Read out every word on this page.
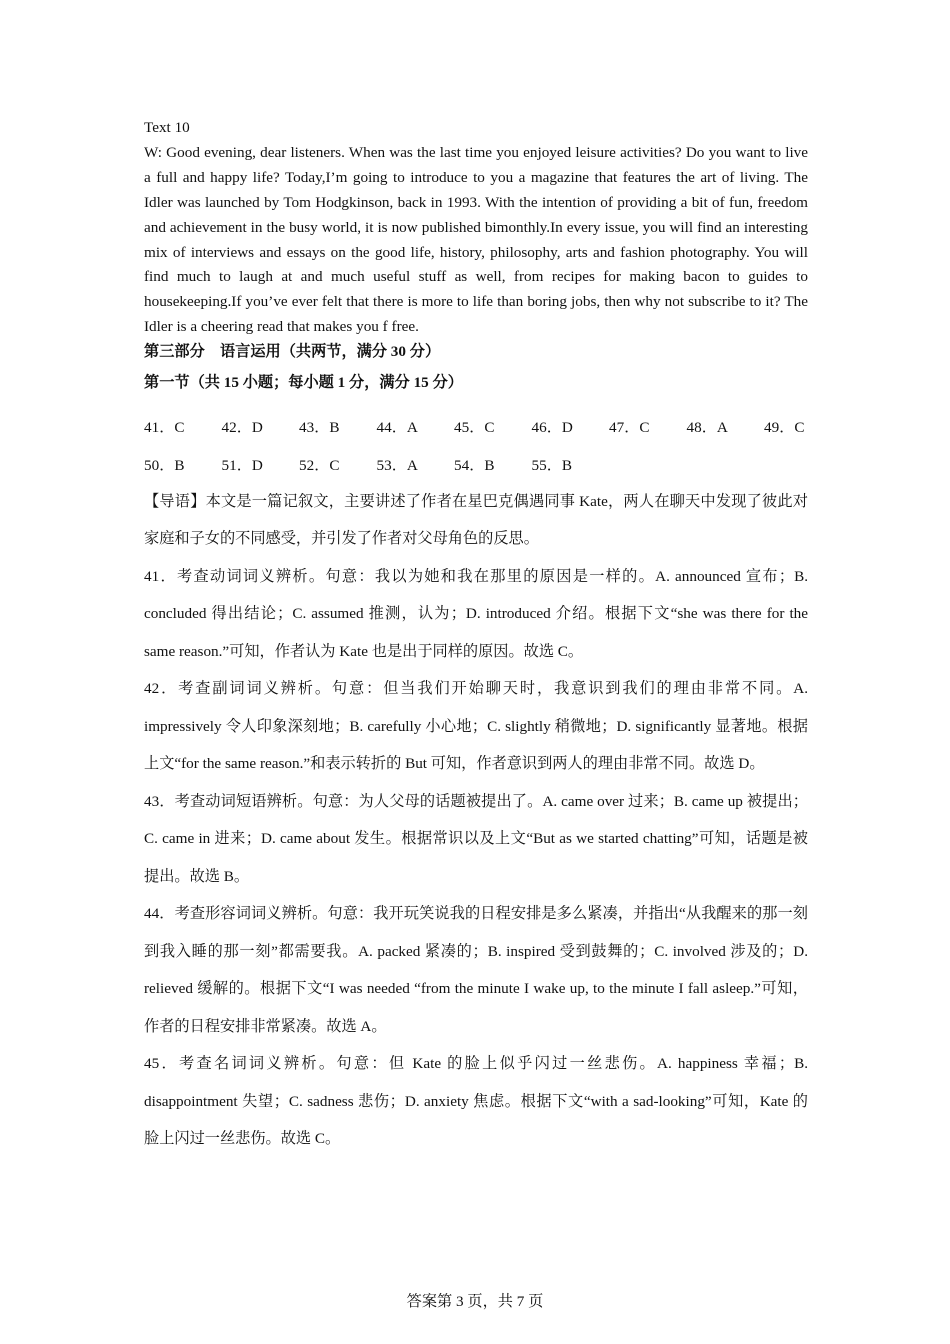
Text 10
W: Good evening, dear listeners. When was the last time you enjoyed leisure activities? Do you want to live a full and happy life? Today,I’m going to introduce to you a magazine that features the art of living. The Idler was launched by Tom Hodgkinson, back in 1993. With the intention of providing a bit of fun, freedom and achievement in the busy world, it is now published bimonthly.In every issue, you will find an interesting mix of interviews and essays on the good life, history, philosophy, arts and fashion photography. You will find much to laugh at and much useful stuff as well, from recipes for making bacon to guides to housekeeping.If you’ve ever felt that there is more to life than boring jobs, then why not subscribe to it? The Idler is a cheering read that makes you f free.

第三部分　语言运用（共两节，满分 30 分）

第一节（共 15 小题；每小题 1 分，满分 15 分）

41．C	42．D	43．B	44．A	45．C	46．D	47．C	48．A	49．C
50．B	51．D	52．C	53．A	54．B	55．B

【导语】本文是一篇记叙文，主要讲述了作者在星巴克偶遇同事 Kate，两人在聊天中发现了彼此对家庭和子女的不同感受，并引发了作者对父母角色的反思。

41．考查动词词义辨析。句意：我以为她和我在那里的原因是一样的。A. announced 宣布；B. concluded 得出结论；C. assumed 推测，认为；D. introduced 介绍。根据下文“she was there for the same reason.”可知，作者认为 Kate 也是出于同样的原因。故选 C。

42．考查副词词义辨析。句意：但当我们开始聊天时，我意识到我们的理由非常不同。A. impressively 令人印象深刻地；B. carefully 小心地；C. slightly 稍微地；D. significantly 显著地。根据上文“for the same reason.”和表示转折的 But 可知，作者意识到两人的理由非常不同。故选 D。

43．考查动词短语辨析。句意：为人父母的话题被提出了。A. came over 过来；B. came up 被提出；C. came in 进来；D. came about 发生。根据常识以及上文“But as we started chatting”可知，话题是被提出。故选 B。

44．考查形容词词义辨析。句意：我开玩笑说我的日程安排是多么紧凑，并指出“从我醒来的那一刻到我入睡的那一刻”都需要我。A. packed 紧凑的；B. inspired 受到鼓舞的；C. involved 涉及的；D. relieved 缓解的。根据下文“I was needed “from the minute I wake up, to the minute I fall asleep.”可知，作者的日程安排非常紧凑。故选 A。

45．考查名词词义辨析。句意：但 Kate 的脸上似乎闪过一丝悲伤。A. happiness 幸福；B. disappointment 失望；C. sadness 悲伤；D. anxiety 焦虑。根据下文“with a sad-looking”可知，Kate 的脸上闪过一丝悲伤。故选 C。

答案第 3 页，共 7 页
